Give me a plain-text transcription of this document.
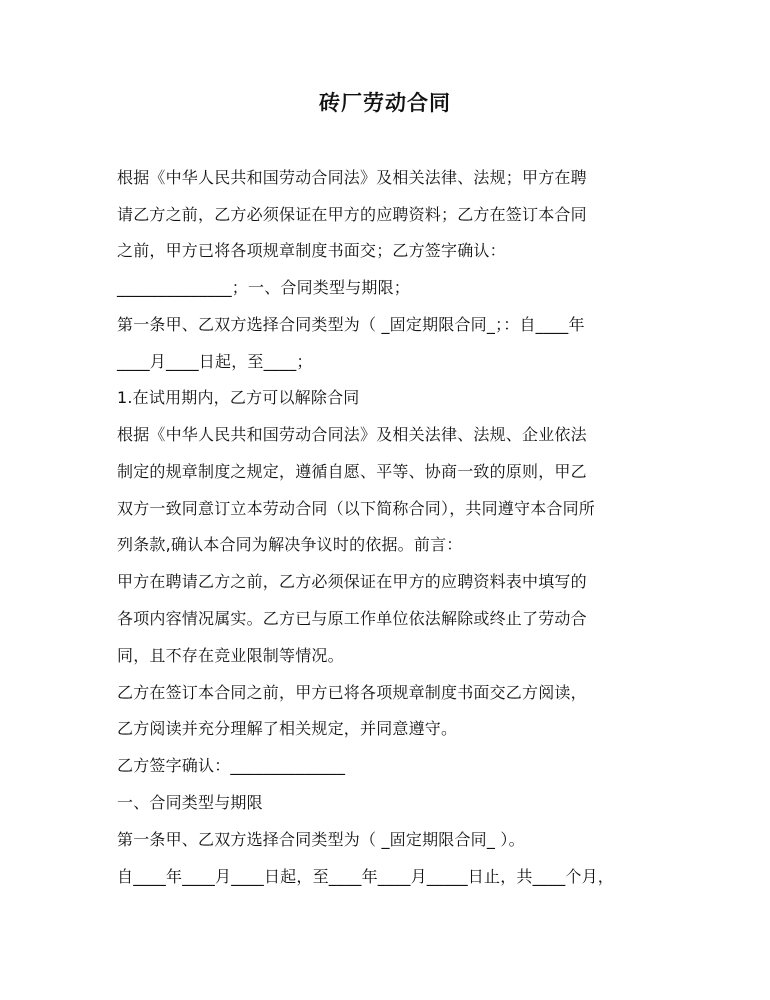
砖厂劳动合同
根据《中华人民共和国劳动合同法》及相关法律、法规；甲方在聘
请乙方之前，乙方必须保证在甲方的应聘资料；乙方在签订本合同
之前，甲方已将各项规章制度书面交；乙方签字确认：
______________；一、合同类型与期限；
第一条甲、乙双方选择合同类型为（ _固定期限合同_；：自____年
____月____日起，至____；
1.在试用期内，乙方可以解除合同
根据《中华人民共和国劳动合同法》及相关法律、法规、企业依法
制定的规章制度之规定，遵循自愿、平等、协商一致的原则，甲乙
双方一致同意订立本劳动合同（以下简称合同），共同遵守本合同所
列条款,确认本合同为解决争议时的依据。前言：
甲方在聘请乙方之前，乙方必须保证在甲方的应聘资料表中填写的
各项内容情况属实。乙方已与原工作单位依法解除或终止了劳动合
同，且不存在竞业限制等情况。
乙方在签订本合同之前，甲方已将各项规章制度书面交乙方阅读，
乙方阅读并充分理解了相关规定，并同意遵守。
乙方签字确认：______________
一、合同类型与期限
第一条甲、乙双方选择合同类型为（ _固定期限合同_ ）。
自____年____月____日起，至____年____月_____日止，共____个月，
